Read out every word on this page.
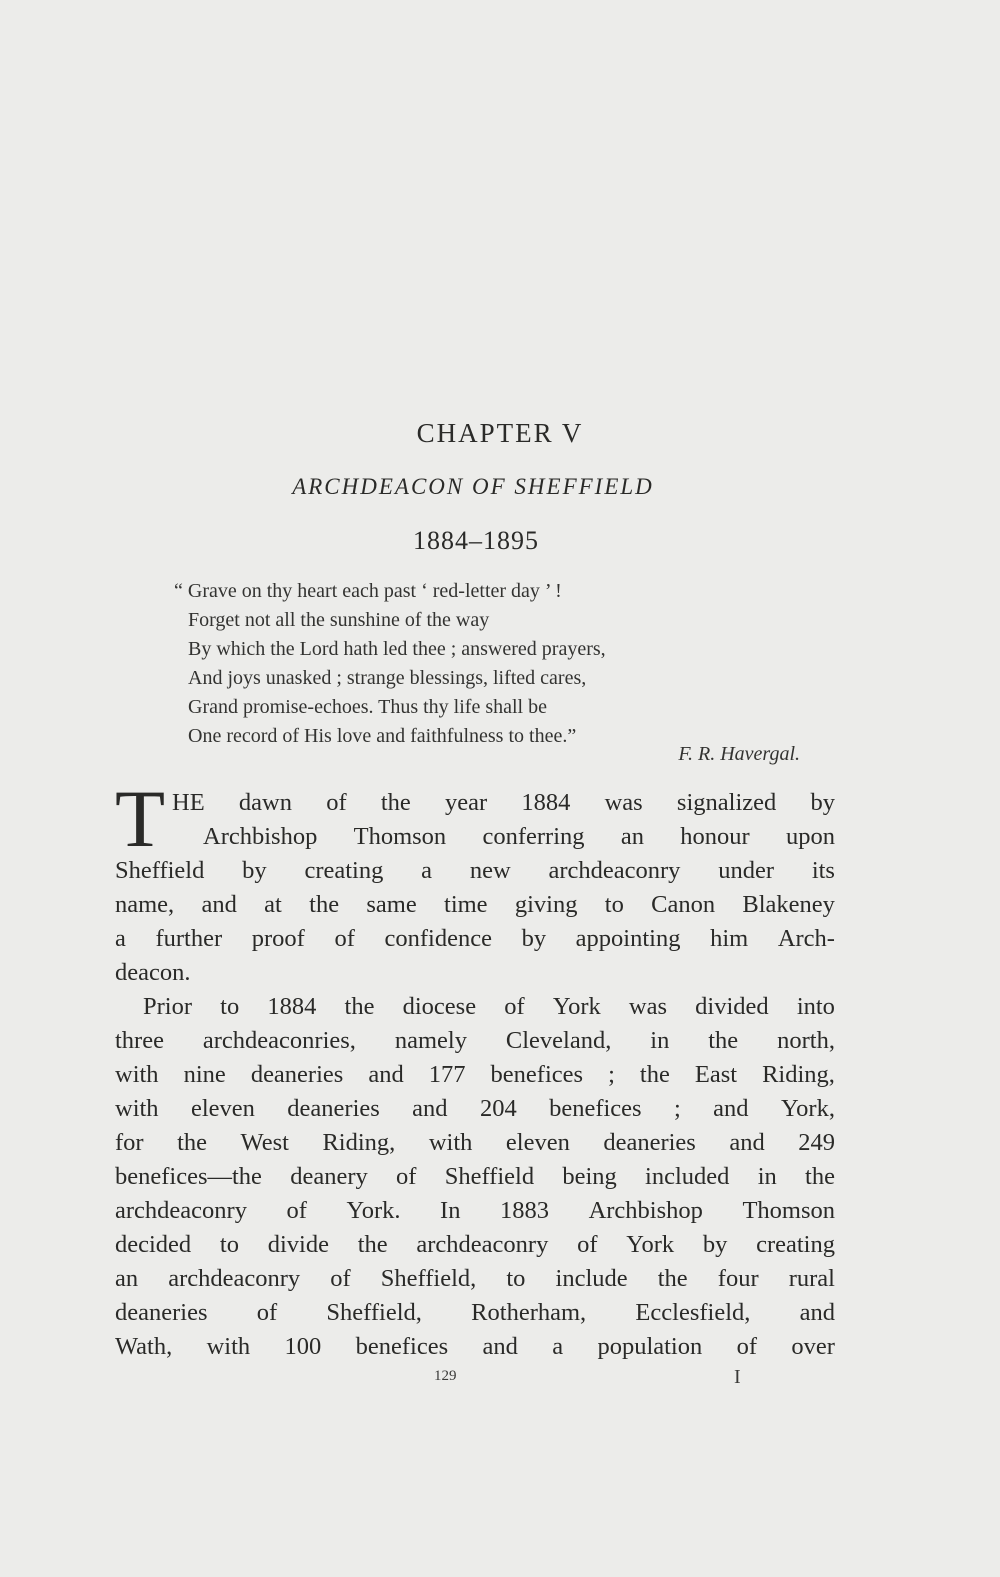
CHAPTER V
ARCHDEACON OF SHEFFIELD
1884–1895
“ Grave on thy heart each past ‘ red-letter day ’ !
Forget not all the sunshine of the way
By which the Lord hath led thee ; answered prayers,
And joys unasked ; strange blessings, lifted cares,
Grand promise-echoes. Thus thy life shall be
One record of His love and faithfulness to thee.”
F. R. Havergal.
T HE dawn of the year 1884 was signalized by
Archbishop Thomson conferring an honour upon
Sheffield by creating a new archdeaconry under its
name, and at the same time giving to Canon Blakeney
a further proof of confidence by appointing him Arch-
deacon.
Prior to 1884 the diocese of York was divided into
three archdeaconries, namely Cleveland, in the north,
with nine deaneries and 177 benefices ; the East Riding,
with eleven deaneries and 204 benefices ; and York,
for the West Riding, with eleven deaneries and 249
benefices—the deanery of Sheffield being included in the
archdeaconry of York. In 1883 Archbishop Thomson
decided to divide the archdeaconry of York by creating
an archdeaconry of Sheffield, to include the four rural
deaneries of Sheffield, Rotherham, Ecclesfield, and
Wath, with 100 benefices and a population of over
129	I
